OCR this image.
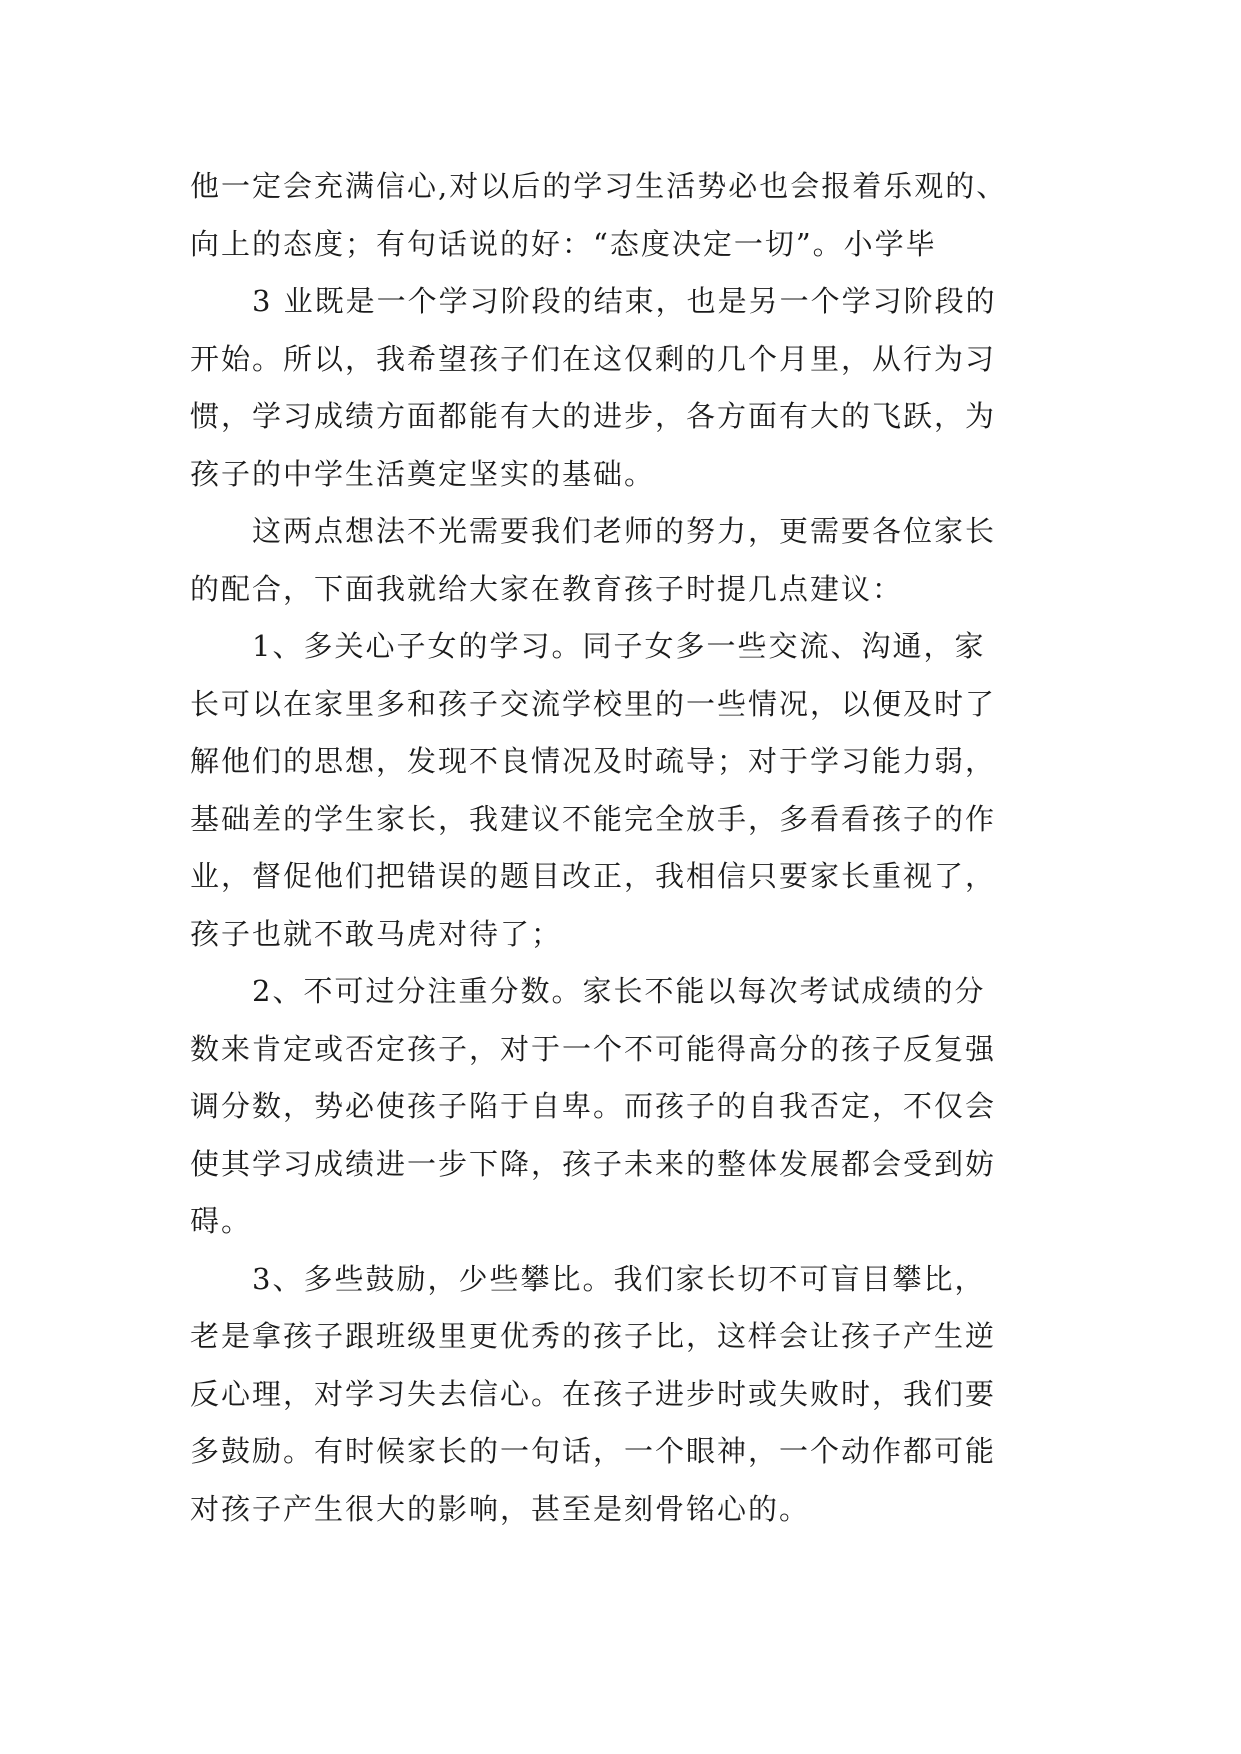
他一定会充满信心,对以后的学习生活势必也会报着乐观的、
向上的态度；有句话说的好：“态度决定一切”。小学毕
3 业既是一个学习阶段的结束，也是另一个学习阶段的
开始。所以，我希望孩子们在这仅剩的几个月里，从行为习
惯，学习成绩方面都能有大的进步，各方面有大的飞跃，为
孩子的中学生活奠定坚实的基础。
这两点想法不光需要我们老师的努力，更需要各位家长
的配合，下面我就给大家在教育孩子时提几点建议：
1、多关心子女的学习。同子女多一些交流、沟通，家
长可以在家里多和孩子交流学校里的一些情况，以便及时了
解他们的思想，发现不良情况及时疏导；对于学习能力弱，
基础差的学生家长，我建议不能完全放手，多看看孩子的作
业，督促他们把错误的题目改正，我相信只要家长重视了，
孩子也就不敢马虎对待了；
2、不可过分注重分数。家长不能以每次考试成绩的分
数来肯定或否定孩子，对于一个不可能得高分的孩子反复强
调分数，势必使孩子陷于自卑。而孩子的自我否定，不仅会
使其学习成绩进一步下降，孩子未来的整体发展都会受到妨
碍。
3、多些鼓励，少些攀比。我们家长切不可盲目攀比，
老是拿孩子跟班级里更优秀的孩子比，这样会让孩子产生逆
反心理，对学习失去信心。在孩子进步时或失败时，我们要
多鼓励。有时候家长的一句话，一个眼神，一个动作都可能
对孩子产生很大的影响，甚至是刻骨铭心的。
